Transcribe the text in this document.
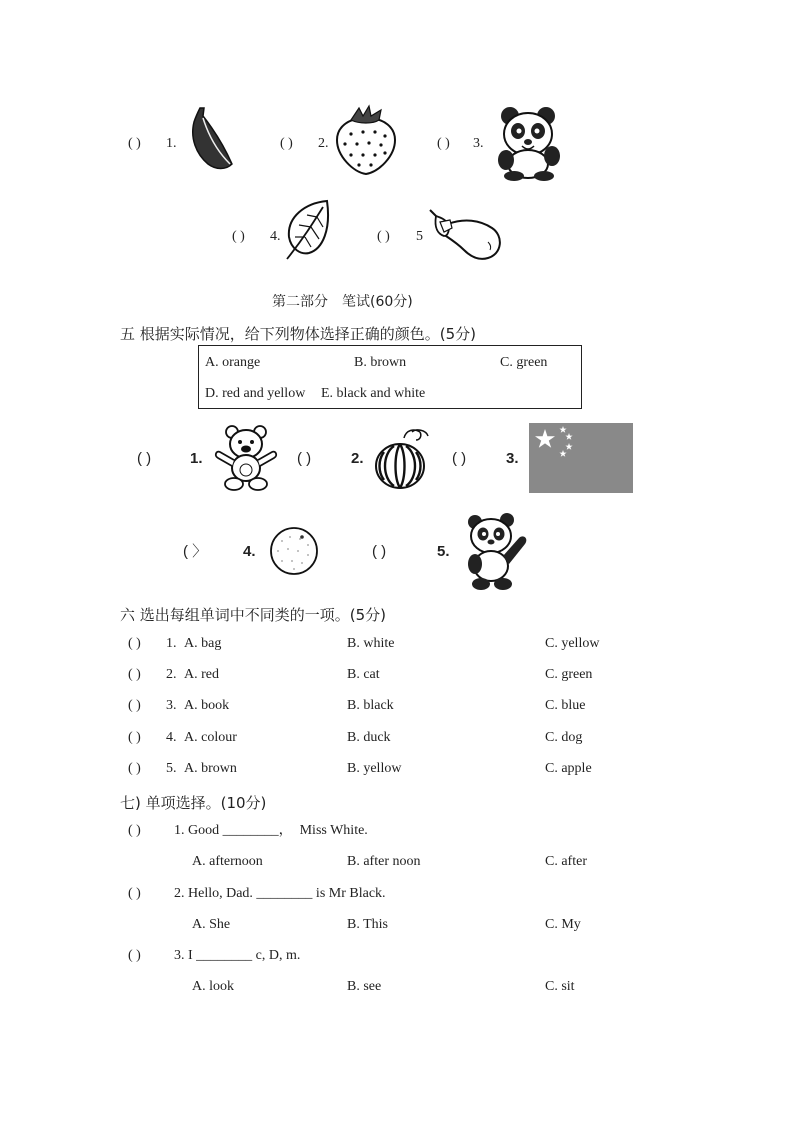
( ) 1.	( ) 2.	( ) 3.
( ) 4.	( ) 5
第二部分　笔试(60分)
五 根据实际情况，给下列物体选择正确的颜色。(5分)
A. orange	B. brown	C. green
D. red and yellow E. black and white
( )	1.	( )	2.	( )	3.
( 〉 4.	( )	5.
六 选出每组单词中不同类的一项。(5分)
( ) 1. A. bag	B. white	C. yellow
( ) 2. A. red	B. cat	C. green
( ) 3. A. book	B. black	C. blue
( ) 4. A. colour	B. duck	C. dog
( ) 5. A. brown	B. yellow	C. apple
七) 单项选择。(10分)
( ) 1. Good ________，　Miss White.
A. afternoon	B. after noon	C. after
( ) 2. Hello, Dad. ________ is Mr Black.
A. She	B. This	C. My
( ) 3. I ________ c, D, m.
A. look	B. see	C. sit
